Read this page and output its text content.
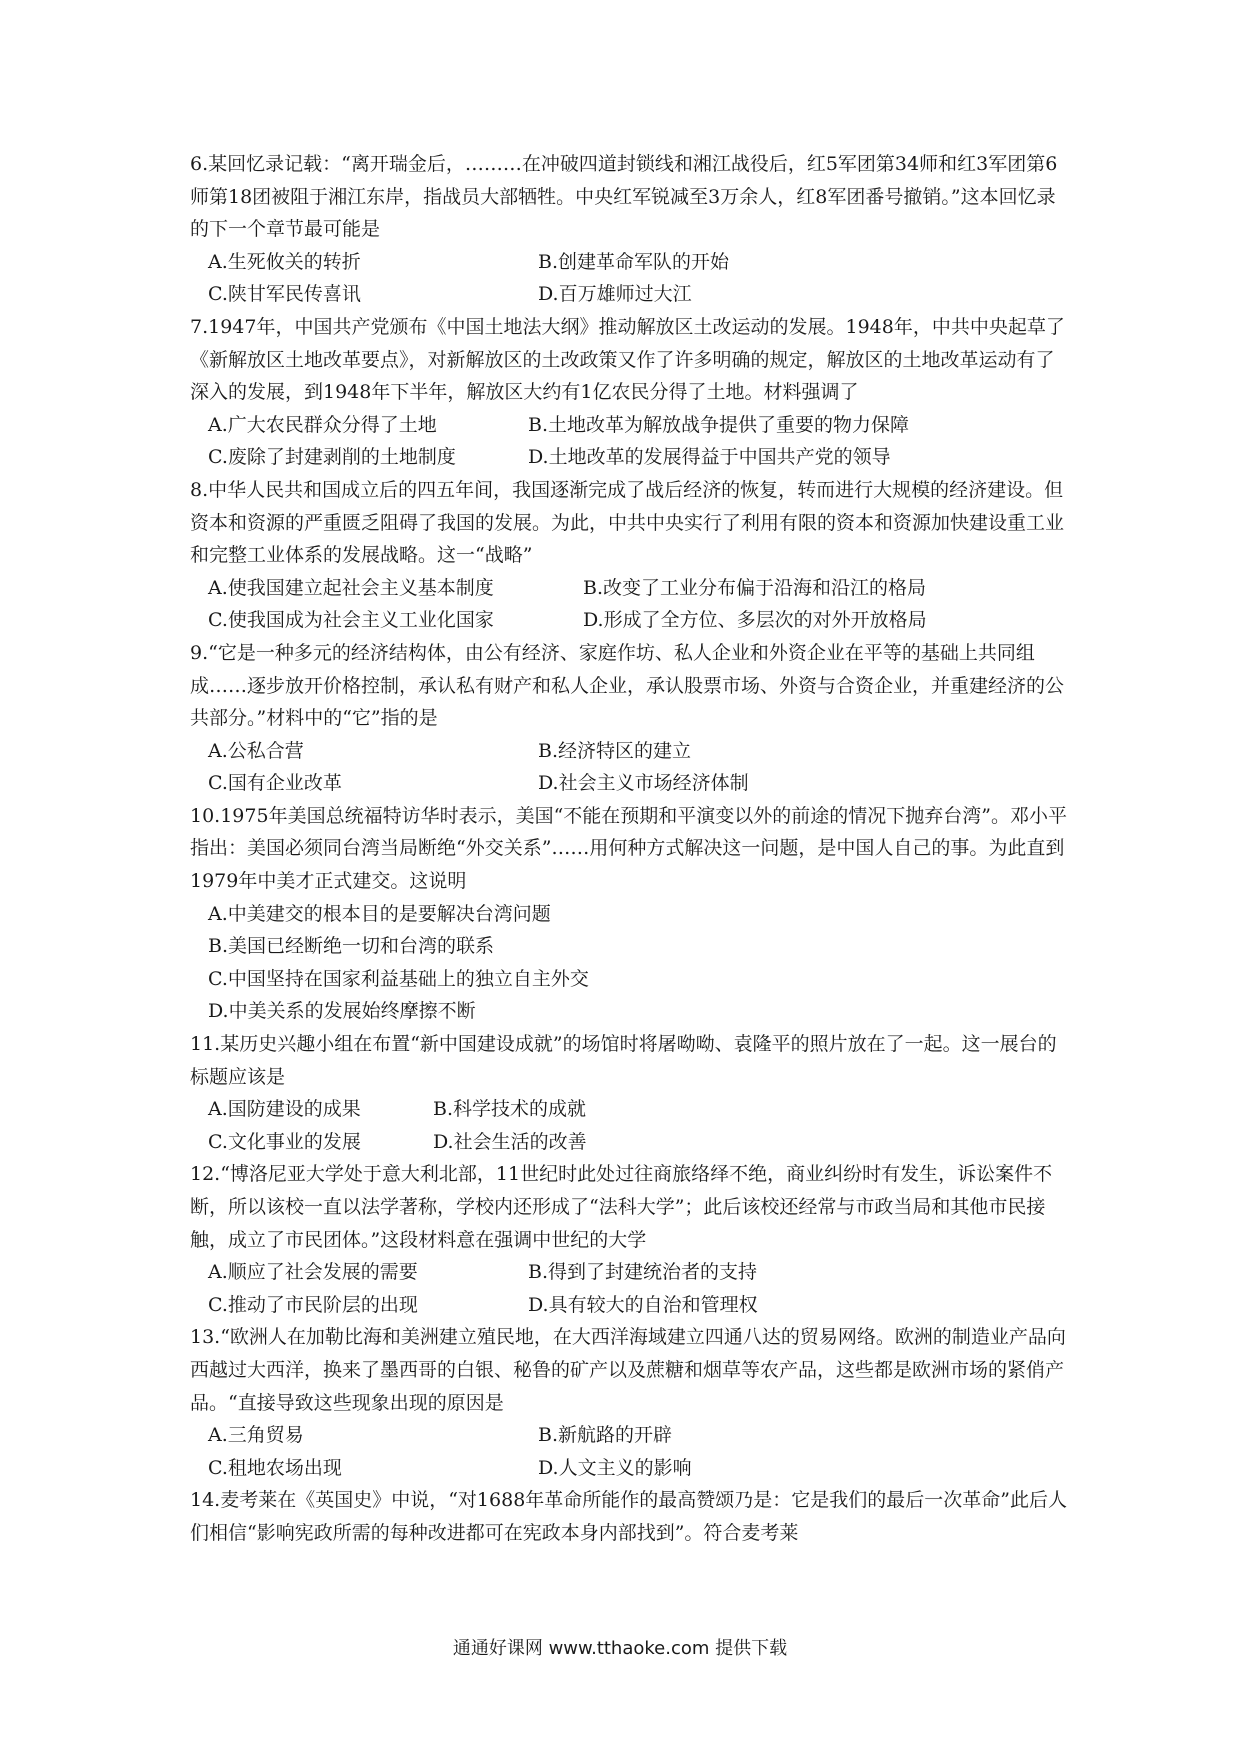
6.某回忆录记载：“离开瑞金后，………在冲破四道封锁线和湘江战役后，红5军团第34师和红3军团第6师第18团被阻于湘江东岸，指战员大部牺牲。中央红军锐减至3万余人，红8军团番号撤销。”这本回忆录的下一个章节最可能是

A.生死攸关的转折	B.创建革命军队的开始
C.陕甘军民传喜讯	D.百万雄师过大江

7.1947年，中国共产党颁布《中国土地法大纲》推动解放区土改运动的发展。1948年，中共中央起草了《新解放区土地改革要点》，对新解放区的土改政策又作了许多明确的规定，解放区的土地改革运动有了深入的发展，到1948年下半年，解放区大约有1亿农民分得了土地。材料强调了

A.广大农民群众分得了土地	B.土地改革为解放战争提供了重要的物力保障
C.废除了封建剥削的土地制度	D.土地改革的发展得益于中国共产党的领导

8.中华人民共和国成立后的四五年间，我国逐渐完成了战后经济的恢复，转而进行大规模的经济建设。但资本和资源的严重匮乏阻碍了我国的发展。为此，中共中央实行了利用有限的资本和资源加快建设重工业和完整工业体系的发展战略。这一“战略”

A.使我国建立起社会主义基本制度	B.改变了工业分布偏于沿海和沿江的格局
C.使我国成为社会主义工业化国家	D.形成了全方位、多层次的对外开放格局

9.“它是一种多元的经济结构体，由公有经济、家庭作坊、私人企业和外资企业在平等的基础上共同组成……逐步放开价格控制，承认私有财产和私人企业，承认股票市场、外资与合资企业，并重建经济的公共部分。”材料中的“它”指的是

A.公私合营	B.经济特区的建立
C.国有企业改革	D.社会主义市场经济体制

10.1975年美国总统福特访华时表示，美国“不能在预期和平演变以外的前途的情况下抛弃台湾”。邓小平指出：美国必须同台湾当局断绝“外交关系”……用何种方式解决这一问题，是中国人自己的事。为此直到1979年中美才正式建交。这说明

A.中美建交的根本目的是要解决台湾问题
B.美国已经断绝一切和台湾的联系
C.中国坚持在国家利益基础上的独立自主外交
D.中美关系的发展始终摩擦不断

11.某历史兴趣小组在布置“新中国建设成就”的场馆时将屠呦呦、袁隆平的照片放在了一起。这一展台的标题应该是

A.国防建设的成果	B.科学技术的成就
C.文化事业的发展	D.社会生活的改善

12.“博洛尼亚大学处于意大利北部，11世纪时此处过往商旅络绎不绝，商业纠纷时有发生，诉讼案件不断，所以该校一直以法学著称，学校内还形成了“法科大学”；此后该校还经常与市政当局和其他市民接触，成立了市民团体。”这段材料意在强调中世纪的大学

A.顺应了社会发展的需要	B.得到了封建统治者的支持
C.推动了市民阶层的出现	D.具有较大的自治和管理权

13.“欧洲人在加勒比海和美洲建立殖民地，在大西洋海域建立四通八达的贸易网络。欧洲的制造业产品向西越过大西洋，换来了墨西哥的白银、秘鲁的矿产以及蔗糖和烟草等农产品，这些都是欧洲市场的紧俏产品。“直接导致这些现象出现的原因是

A.三角贸易	B.新航路的开辟
C.租地农场出现	D.人文主义的影响

14.麦考莱在《英国史》中说，“对1688年革命所能作的最高赞颂乃是：它是我们的最后一次革命”此后人们相信“影响宪政所需的每种改进都可在宪政本身内部找到”。符合麦考莱

通通好课网 www.tthaoke.com 提供下载
